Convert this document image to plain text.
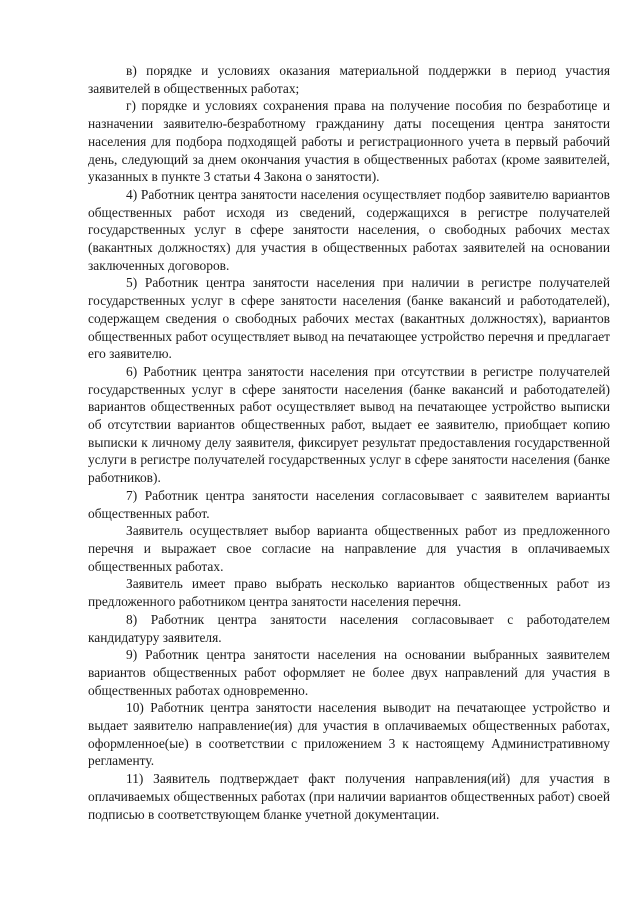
в) порядке и условиях оказания материальной поддержки в период участия заявителей в общественных работах;

г) порядке и условиях сохранения права на получение пособия по безработице и назначении заявителю-безработному гражданину даты посещения центра занятости населения для подбора подходящей работы и регистрационного учета в первый рабочий день, следующий за днем окончания участия в общественных работах (кроме заявителей, указанных в пункте 3 статьи 4 Закона о занятости).

4) Работник центра занятости населения осуществляет подбор заявителю вариантов общественных работ исходя из сведений, содержащихся в регистре получателей государственных услуг в сфере занятости населения, о свободных рабочих местах (вакантных должностях) для участия в общественных работах заявителей на основании заключенных договоров.

5) Работник центра занятости населения при наличии в регистре получателей государственных услуг в сфере занятости населения (банке вакансий и работодателей), содержащем сведения о свободных рабочих местах (вакантных должностях), вариантов общественных работ осуществляет вывод на печатающее устройство перечня и предлагает его заявителю.

6) Работник центра занятости населения при отсутствии в регистре получателей государственных услуг в сфере занятости населения (банке вакансий и работодателей) вариантов общественных работ осуществляет вывод на печатающее устройство выписки об отсутствии вариантов общественных работ, выдает ее заявителю, приобщает копию выписки к личному делу заявителя, фиксирует результат предоставления государственной услуги в регистре получателей государственных услуг в сфере занятости населения (банке работников).

7) Работник центра занятости населения согласовывает с заявителем варианты общественных работ.

Заявитель осуществляет выбор варианта общественных работ из предложенного перечня и выражает свое согласие на направление для участия в оплачиваемых общественных работах.

Заявитель имеет право выбрать несколько вариантов общественных работ из предложенного работником центра занятости населения перечня.

8) Работник центра занятости населения согласовывает с работодателем кандидатуру заявителя.

9) Работник центра занятости населения на основании выбранных заявителем вариантов общественных работ оформляет не более двух направлений для участия в общественных работах одновременно.

10) Работник центра занятости населения выводит на печатающее устройство и выдает заявителю направление(ия) для участия в оплачиваемых общественных работах, оформленное(ые) в соответствии с приложением 3 к настоящему Административному регламенту.

11) Заявитель подтверждает факт получения направления(ий) для участия в оплачиваемых общественных работах (при наличии вариантов общественных работ) своей подписью в соответствующем бланке учетной документации.
